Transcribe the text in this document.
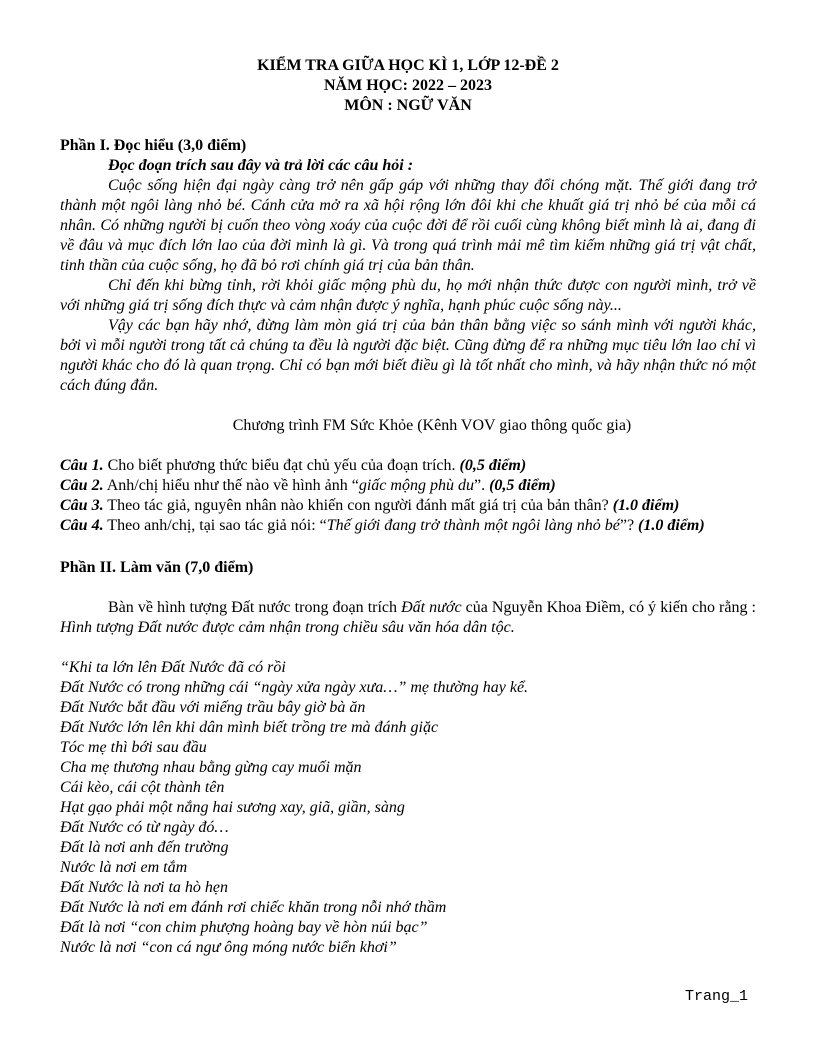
KIỂM TRA GIỮA HỌC KÌ 1, LỚP 12-ĐỀ 2
NĂM HỌC: 2022 – 2023
MÔN : NGỮ VĂN
Phần I. Đọc hiểu (3,0 điểm)
Đọc đoạn trích sau đây và trả lời các câu hỏi :
Cuộc sống hiện đại ngày càng trở nên gấp gáp với những thay đổi chóng mặt. Thế giới đang trở thành một ngôi làng nhỏ bé. Cánh cửa mở ra xã hội rộng lớn đôi khi che khuất giá trị nhỏ bé của mỗi cá nhân. Có những người bị cuốn theo vòng xoáy của cuộc đời để rồi cuối cùng không biết mình là ai, đang đi về đâu và mục đích lớn lao của đời mình là gì. Và trong quá trình mải mê tìm kiếm những giá trị vật chất, tinh thần của cuộc sống, họ đã bỏ rơi chính giá trị của bản thân.
Chỉ đến khi bừng tỉnh, rời khỏi giấc mộng phù du, họ mới nhận thức được con người mình, trở về với những giá trị sống đích thực và cảm nhận được ý nghĩa, hạnh phúc cuộc sống này...
Vậy các bạn hãy nhớ, đừng làm mòn giá trị của bản thân bằng việc so sánh mình với người khác, bởi vì mỗi người trong tất cả chúng ta đều là người đặc biệt. Cũng đừng để ra những mục tiêu lớn lao chỉ vì người khác cho đó là quan trọng. Chỉ có bạn mới biết điều gì là tốt nhất cho mình, và hãy nhận thức nó một cách đúng đắn.
Chương trình FM Sức Khỏe (Kênh VOV giao thông quốc gia)
Câu 1. Cho biết phương thức biểu đạt chủ yếu của đoạn trích. (0,5 điểm)
Câu 2. Anh/chị hiểu như thế nào về hình ảnh “giấc mộng phù du”. (0,5 điểm)
Câu 3. Theo tác giả, nguyên nhân nào khiến con người đánh mất giá trị của bản thân? (1.0 điểm)
Câu 4. Theo anh/chị, tại sao tác giả nói: “Thế giới đang trở thành một ngôi làng nhỏ bé”? (1.0 điểm)
Phần II. Làm văn (7,0 điểm)
Bàn về hình tượng Đất nước trong đoạn trích Đất nước của Nguyễn Khoa Điềm, có ý kiến cho rằng : Hình tượng Đất nước được cảm nhận trong chiều sâu văn hóa dân tộc.
“Khi ta lớn lên Đất Nước đã có rồi
Đất Nước có trong những cái “ngày xửa ngày xưa…” mẹ thường hay kể.
Đất Nước bắt đầu với miếng trầu bây giờ bà ăn
Đất Nước lớn lên khi dân mình biết trồng tre mà đánh giặc
Tóc mẹ thì bới sau đầu
Cha mẹ thương nhau bằng gừng cay muối mặn
Cái kèo, cái cột thành tên
Hạt gạo phải một nắng hai sương xay, giã, giần, sàng
Đất Nước có từ ngày đó…
Đất là nơi anh đến trường
Nước là nơi em tắm
Đất Nước là nơi ta hò hẹn
Đất Nước là nơi em đánh rơi chiếc khăn trong nỗi nhớ thầm
Đất là nơi “con chim phượng hoàng bay về hòn núi bạc”
Nước là nơi “con cá ngư ông móng nước biển khơi”
Trang_1
